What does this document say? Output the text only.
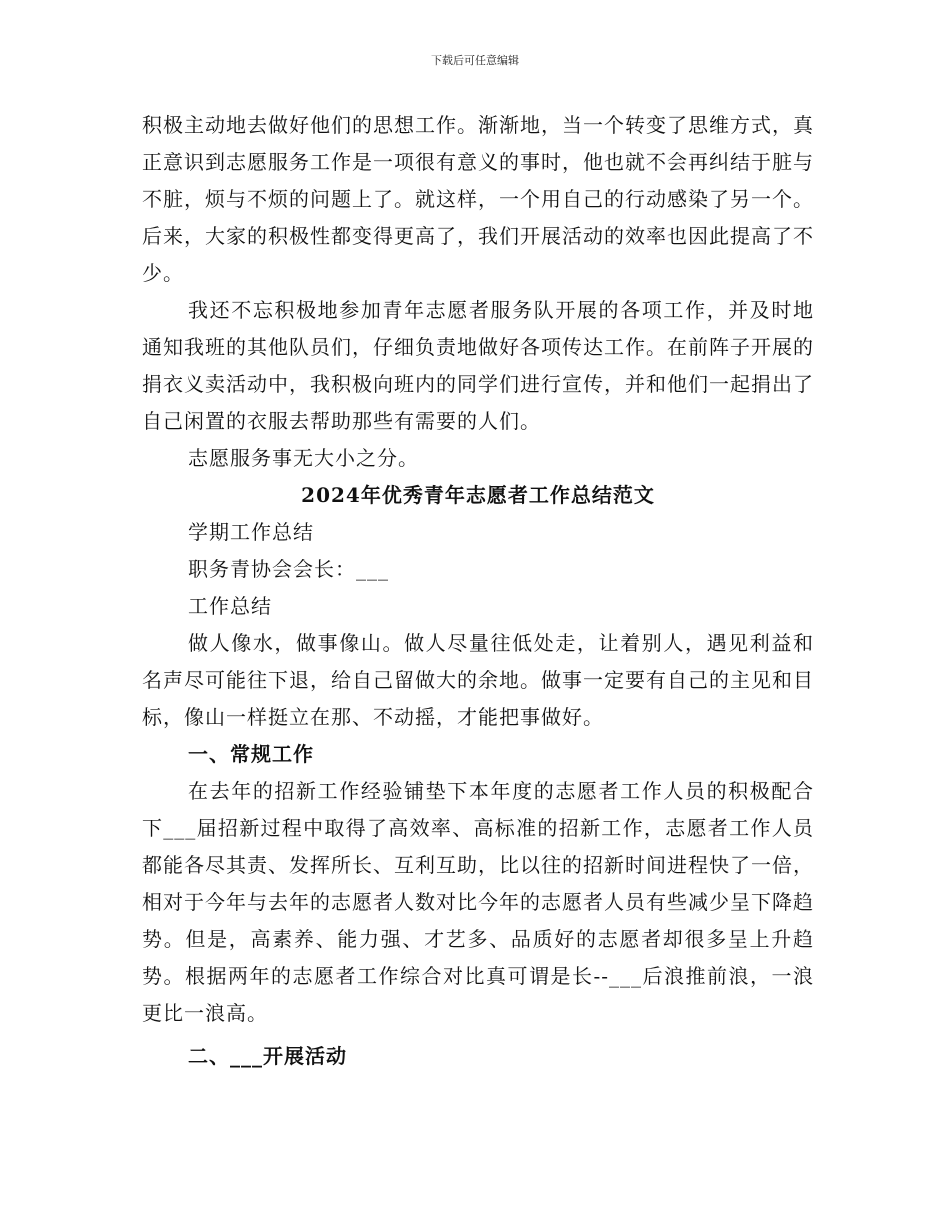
下载后可任意编辑

积极主动地去做好他们的思想工作。渐渐地，当一个转变了思维方式，真正意识到志愿服务工作是一项很有意义的事时，他也就不会再纠结于脏与不脏，烦与不烦的问题上了。就这样，一个用自己的行动感染了另一个。后来，大家的积极性都变得更高了，我们开展活动的效率也因此提高了不少。

我还不忘积极地参加青年志愿者服务队开展的各项工作，并及时地通知我班的其他队员们，仔细负责地做好各项传达工作。在前阵子开展的捐衣义卖活动中，我积极向班内的同学们进行宣传，并和他们一起捐出了自己闲置的衣服去帮助那些有需要的人们。

志愿服务事无大小之分。

2024年优秀青年志愿者工作总结范文

学期工作总结

职务青协会会长：___

工作总结

做人像水，做事像山。做人尽量往低处走，让着别人，遇见利益和名声尽可能往下退，给自己留做大的余地。做事一定要有自己的主见和目标，像山一样挺立在那、不动摇，才能把事做好。

一、常规工作

在去年的招新工作经验铺垫下本年度的志愿者工作人员的积极配合下___届招新过程中取得了高效率、高标准的招新工作，志愿者工作人员都能各尽其责、发挥所长、互利互助，比以往的招新时间进程快了一倍，相对于今年与去年的志愿者人数对比今年的志愿者人员有些减少呈下降趋势。但是，高素养、能力强、才艺多、品质好的志愿者却很多呈上升趋势。根据两年的志愿者工作综合对比真可谓是长--___后浪推前浪，一浪更比一浪高。

二、___开展活动
